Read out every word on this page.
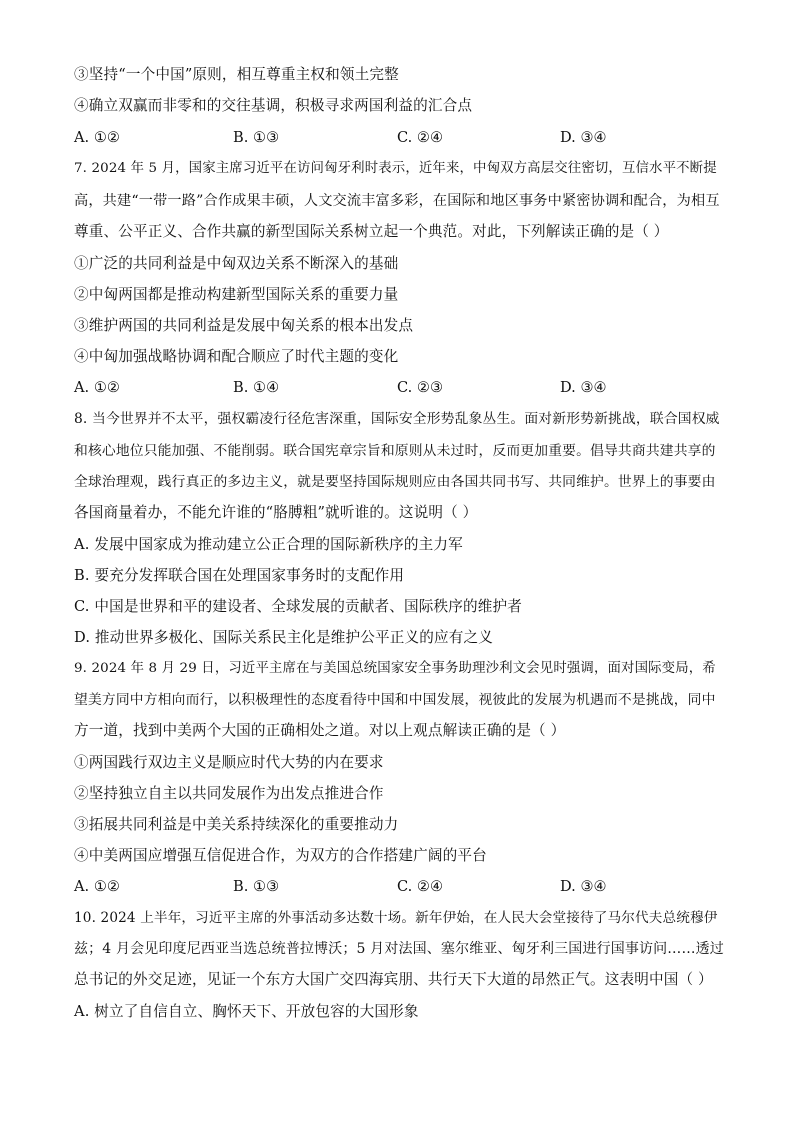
③坚持“一个中国”原则，相互尊重主权和领土完整
④确立双赢而非零和的交往基调，积极寻求两国利益的汇合点
A. ①②	B. ①③	C. ②④	D. ③④
7. 2024 年 5 月，国家主席习近平在访问匈牙利时表示，近年来，中匈双方高层交往密切，互信水平不断提
高，共建“一带一路”合作成果丰硕，人文交流丰富多彩，在国际和地区事务中紧密协调和配合，为相互
尊重、公平正义、合作共赢的新型国际关系树立起一个典范。对此，下列解读正确的是（ ）
①广泛的共同利益是中匈双边关系不断深入的基础
②中匈两国都是推动构建新型国际关系的重要力量
③维护两国的共同利益是发展中匈关系的根本出发点
④中匈加强战略协调和配合顺应了时代主题的变化
A. ①②	B. ①④	C. ②③	D. ③④
8. 当今世界并不太平，强权霸凌行径危害深重，国际安全形势乱象丛生。面对新形势新挑战，联合国权威
和核心地位只能加强、不能削弱。联合国宪章宗旨和原则从未过时，反而更加重要。倡导共商共建共享的
全球治理观，践行真正的多边主义，就是要坚持国际规则应由各国共同书写、共同维护。世界上的事要由
各国商量着办，不能允许谁的“胳膊粗”就听谁的。这说明（ ）
A. 发展中国家成为推动建立公正合理的国际新秩序的主力军
B. 要充分发挥联合国在处理国家事务时的支配作用
C. 中国是世界和平的建设者、全球发展的贡献者、国际秩序的维护者
D. 推动世界多极化、国际关系民主化是维护公平正义的应有之义
9. 2024 年 8 月 29 日，习近平主席在与美国总统国家安全事务助理沙利文会见时强调，面对国际变局，希
望美方同中方相向而行，以积极理性的态度看待中国和中国发展，视彼此的发展为机遇而不是挑战，同中
方一道，找到中美两个大国的正确相处之道。对以上观点解读正确的是（ ）
①两国践行双边主义是顺应时代大势的内在要求
②坚持独立自主以共同发展作为出发点推进合作
③拓展共同利益是中美关系持续深化的重要推动力
④中美两国应增强互信促进合作，为双方的合作搭建广阔的平台
A. ①②	B. ①③	C. ②④	D. ③④
10. 2024 上半年，习近平主席的外事活动多达数十场。新年伊始，在人民大会堂接待了马尔代夫总统穆伊
兹；4 月会见印度尼西亚当选总统普拉博沃；5 月对法国、塞尔维亚、匈牙利三国进行国事访问……透过
总书记的外交足迹，见证一个东方大国广交四海宾朋、共行天下大道的昂然正气。这表明中国（ ）
A. 树立了自信自立、胸怀天下、开放包容的大国形象
